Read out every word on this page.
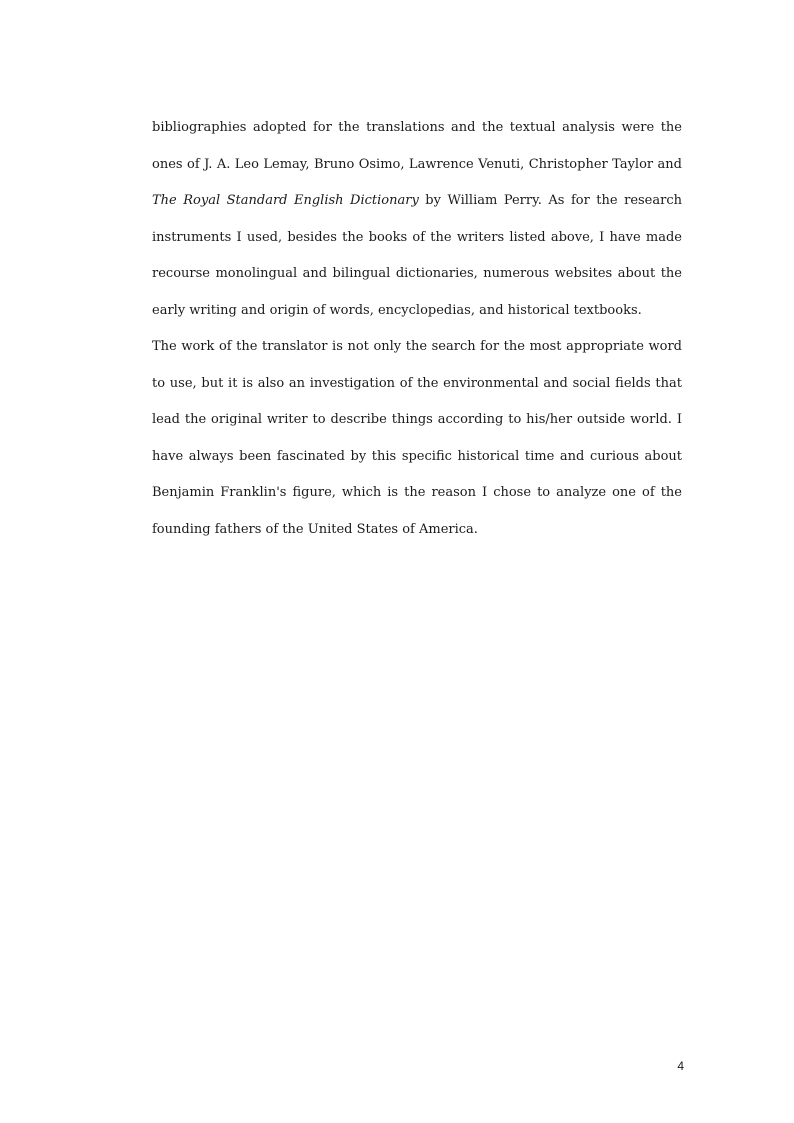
bibliographies adopted for the translations and the textual analysis were the ones of J. A. Leo Lemay, Bruno Osimo, Lawrence Venuti, Christopher Taylor and The Royal Standard English Dictionary by William Perry. As for the research instruments I used, besides the books of the writers listed above, I have made recourse monolingual and bilingual dictionaries, numerous websites about the early writing and origin of words, encyclopedias, and historical textbooks.

The work of the translator is not only the search for the most appropriate word to use, but it is also an investigation of the environmental and social fields that lead the original writer to describe things according to his/her outside world. I have always been fascinated by this specific historical time and curious about Benjamin Franklin's figure, which is the reason I chose to analyze one of the founding fathers of the United States of America.

4
